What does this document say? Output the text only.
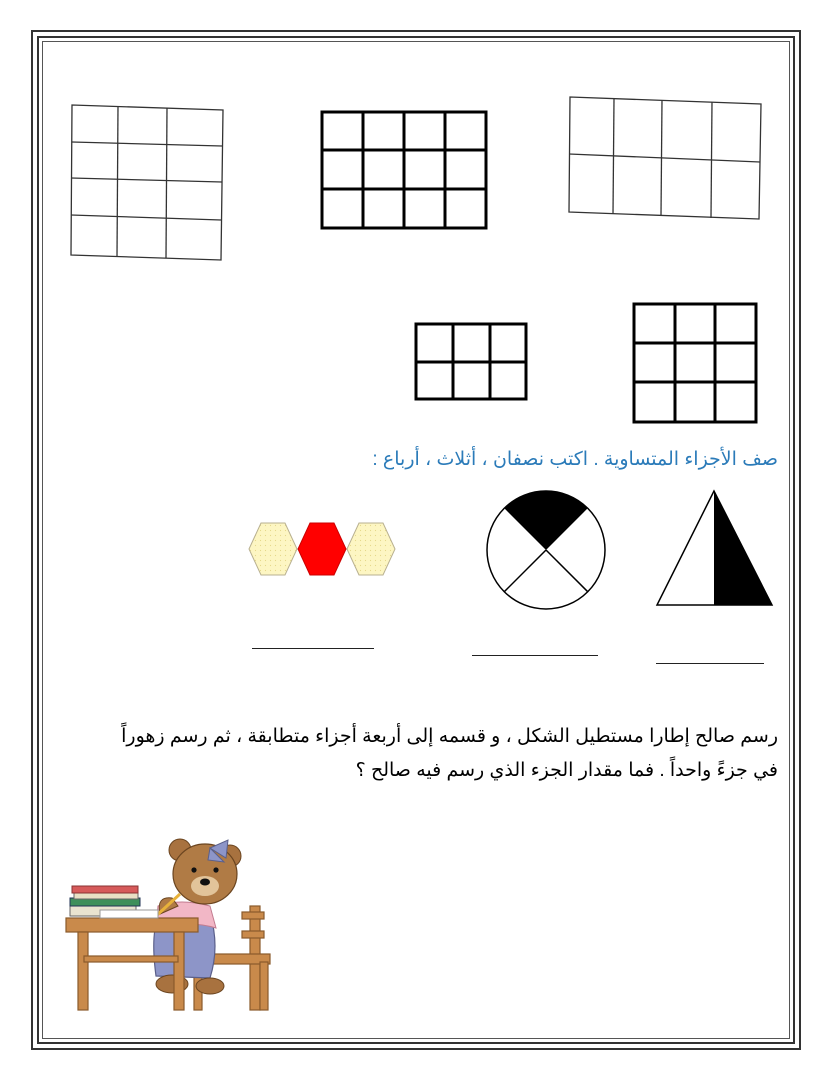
صف الأجزاء المتساوية . اكتب نصفان ، أثلاث ، أرباع :

رسم صالح إطارا مستطيل الشكل ، و قسمه إلى أربعة أجزاء متطابقة ، ثم رسم زهوراً

في جزءً واحداً . فما مقدار الجزء الذي رسم فيه صالح ؟
